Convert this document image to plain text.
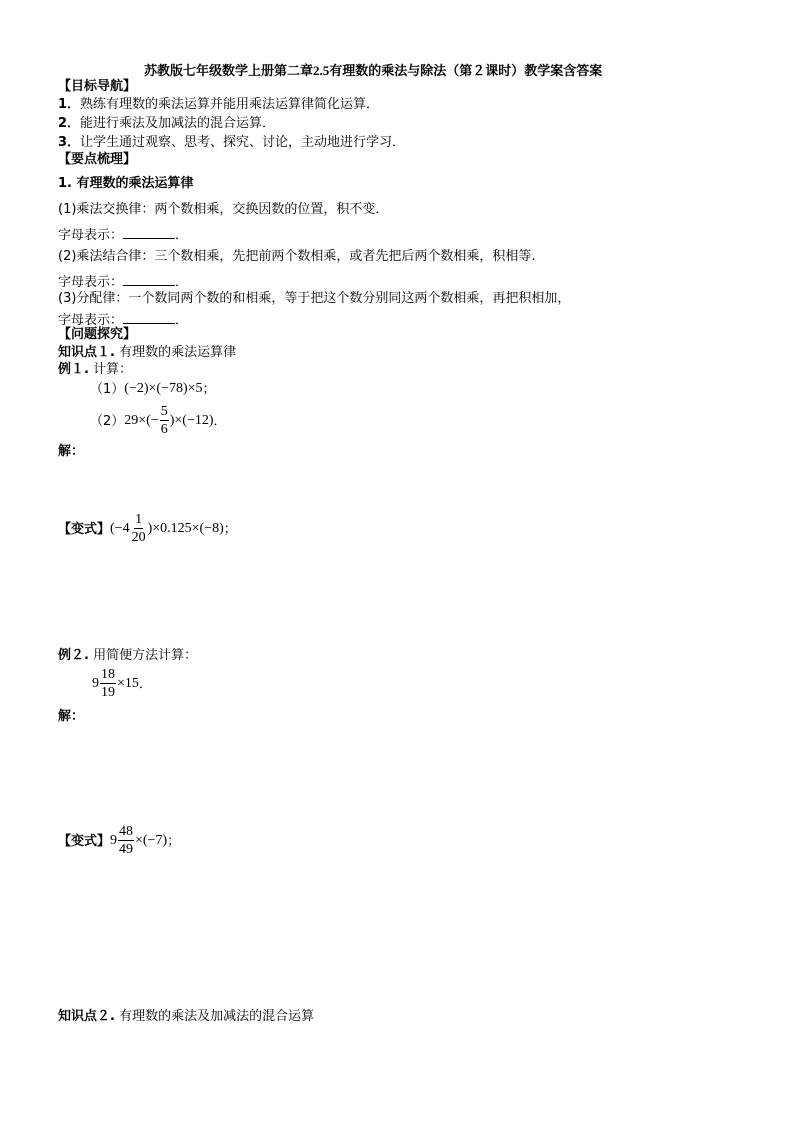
苏教版七年级数学上册第二章2.5有理数的乘法与除法（第２课时）教学案含答案
【目标导航】
1．熟练有理数的乘法运算并能用乘法运算律简化运算．
2．能进行乘法及加减法的混合运算．
3．让学生通过观察、思考、探究、讨论，主动地进行学习．
【要点梳理】
1. 有理数的乘法运算律
(1)乘法交换律：两个数相乘，交换因数的位置，积不变．
字母表示：	．
(2)乘法结合律：三个数相乘，先把前两个数相乘，或者先把后两个数相乘，积相等.
字母表示：	．
(3)分配律：一个数同两个数的和相乘，等于把这个数分别同这两个数相乘，再把积相加，
字母表示：	．
【问题探究】
知识点１. 有理数的乘法运算律
例１. 计算：
（1） (−2)×(−78)×5 ；
（2） $29\times(- \frac{5}{6} )\times(-12)$ ．
解：
【变式】 $(-4 \frac{1}{20} )\times 0.125\times(-8)$ ；
例２. 用简便方法计算：
$9 \frac{18}{19} \times 15$ ．
解：
【变式】 $9 \frac{48}{49} \times(-7)$ ；
知识点２. 有理数的乘法及加减法的混合运算
